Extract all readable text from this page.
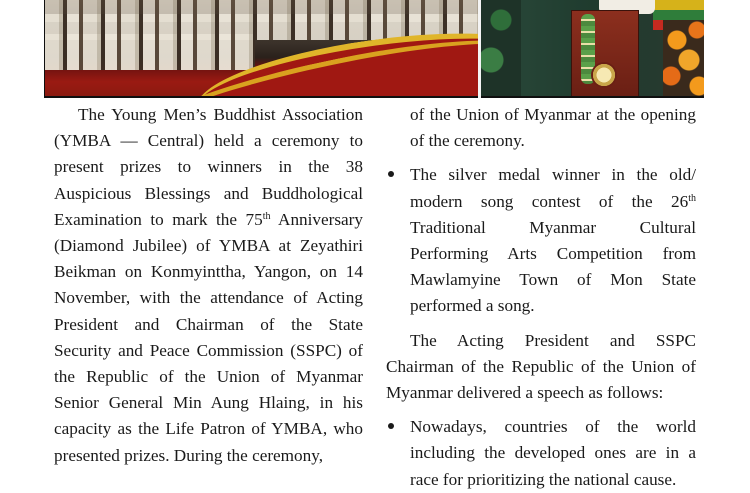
The Young Men’s Buddhist Association (YMBA — Central) held a ceremony to present prizes to winners in the 38 Auspicious Blessings and Buddhological Examination to mark the 75th Anniversary (Diamond Jubilee) of YMBA at Zeyathiri Beikman on Konmyinttha, Yangon, on 14 November, with the attendance of Acting President and Chairman of the State Security and Peace Commission (SSPC) of the Republic of the Union of Myanmar Senior General Min Aung Hlaing, in his capacity as the Life Patron of YMBA, who presented prizes. During the ceremony,

of the Union of Myanmar at the opening of the ceremony.

The silver medal winner in the old/ modern song contest of the 26th Traditional Myanmar Cultural Performing Arts Competition from Mawlamyine Town of Mon State performed a song.

The Acting President and SSPC Chairman of the Republic of the Union of Myanmar delivered a speech as follows:

Nowadays, countries of the world including the developed ones are in a race for prioritizing the national cause.
